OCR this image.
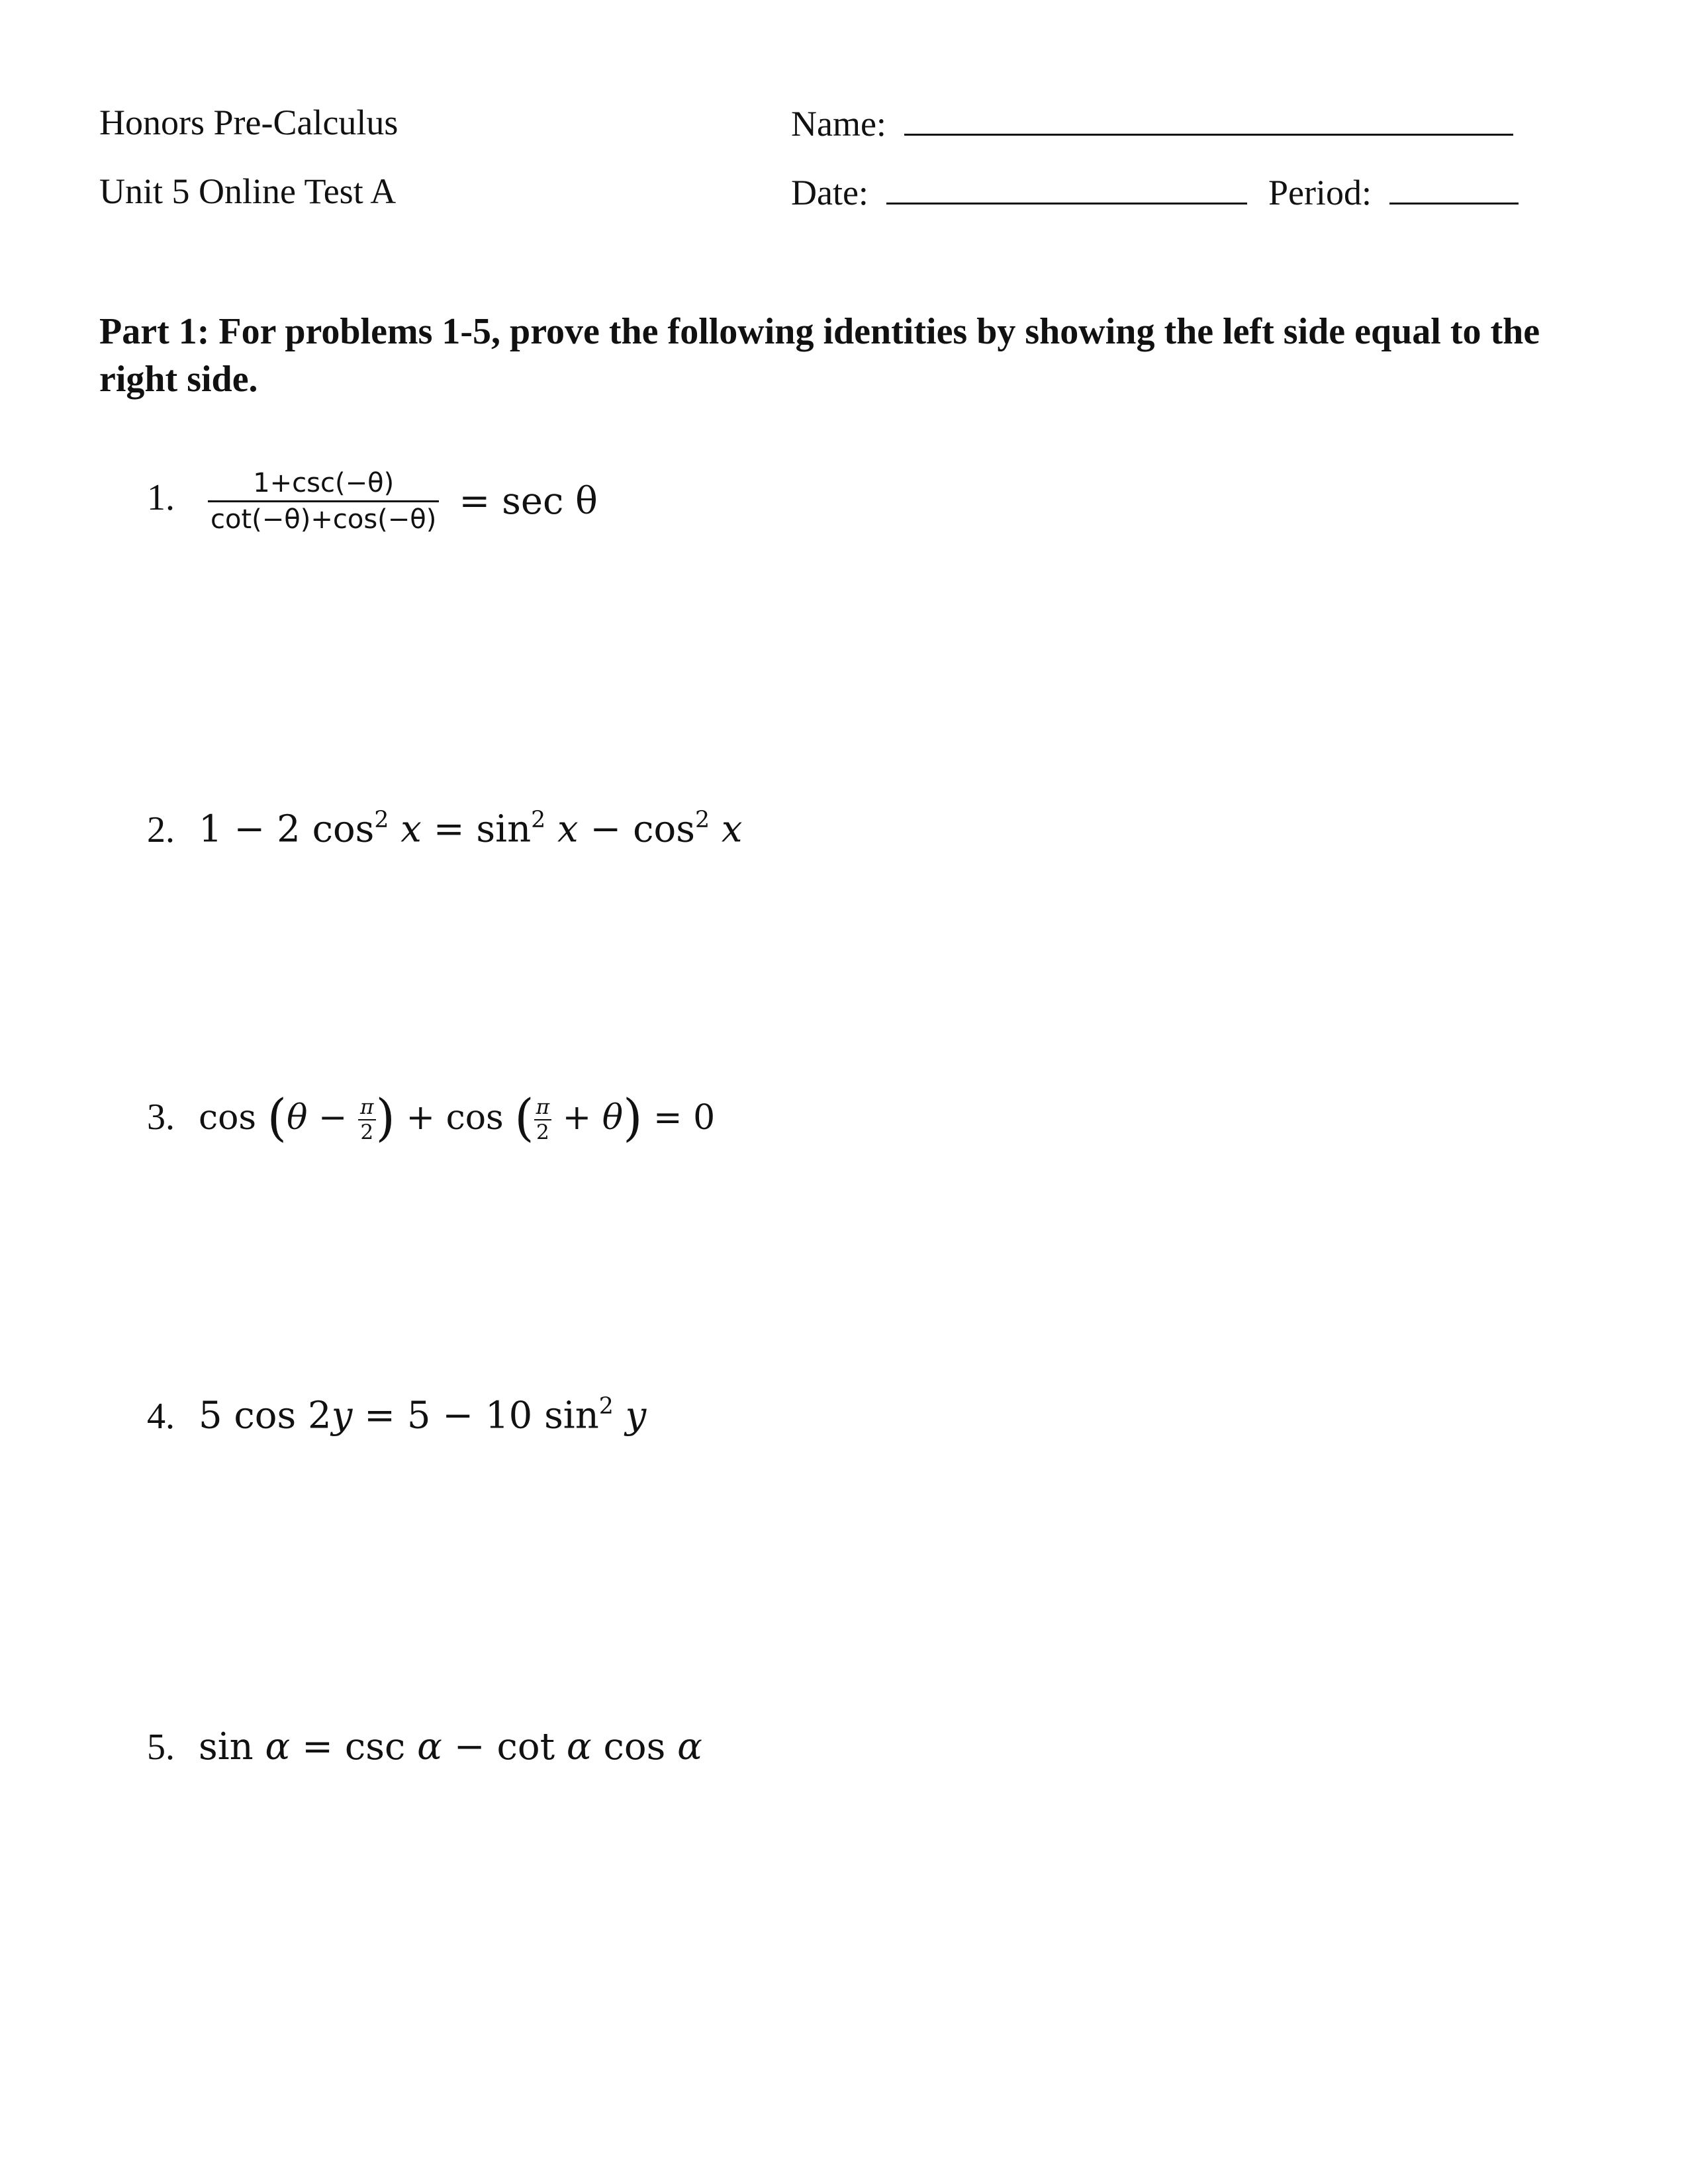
Honors Pre-Calculus
Unit 5 Online Test A
Name:
Date:	Period:
Part 1: For problems 1-5, prove the following identities by showing the left side equal to the right side.
1. $\frac{1+\csc(-\theta)}{\cot(-\theta)+\cos(-\theta)} = \sec \theta$
2. 1 − 2 $\cos^2 x = \sin^2 x - \cos^2 x$
3. $\cos (\theta - \frac{\pi}{2}$ ) + cos ( $\frac{\pi}{2} + \theta) = 0$
4. 5 cos 2y = 5 − 10 $\sin^2 y$
5. sin α = csc α − cot α cos α
